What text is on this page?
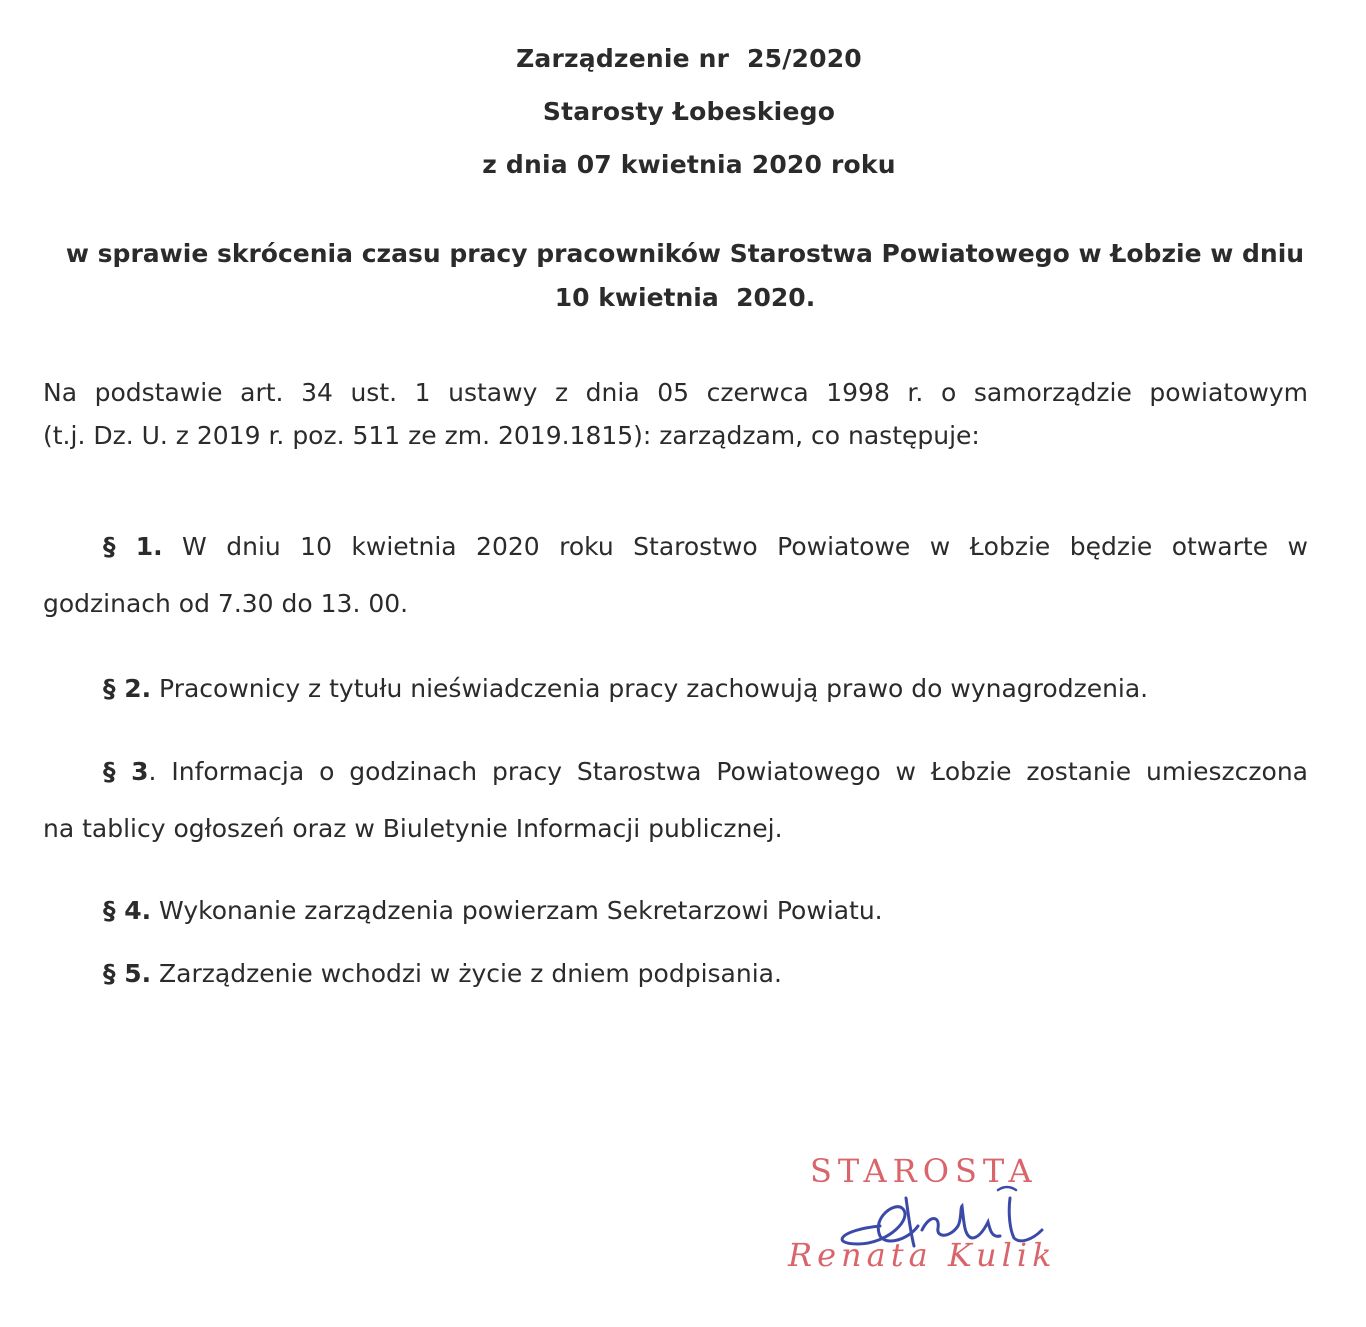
Zarządzenie nr  25/2020
Starosty Łobeskiego
z dnia 07 kwietnia 2020 roku
w sprawie skrócenia czasu pracy pracowników Starostwa Powiatowego w Łobzie w dniu
10 kwietnia  2020.
Na podstawie art. 34 ust. 1 ustawy z dnia 05 czerwca 1998 r. o samorządzie powiatowym
(t.j. Dz. U. z 2019 r. poz. 511 ze zm. 2019.1815): zarządzam, co następuje:
§ 1. W dniu 10 kwietnia 2020 roku Starostwo Powiatowe w Łobzie będzie otwarte w
godzinach od 7.30 do 13. 00.
§ 2. Pracownicy z tytułu nieświadczenia pracy zachowują prawo do wynagrodzenia.
§ 3. Informacja o godzinach pracy Starostwa Powiatowego w Łobzie zostanie umieszczona
na tablicy ogłoszeń oraz w Biuletynie Informacji publicznej.
§ 4. Wykonanie zarządzenia powierzam Sekretarzowi Powiatu.
§ 5. Zarządzenie wchodzi w życie z dniem podpisania.
STAROSTA
Renata Kulik
